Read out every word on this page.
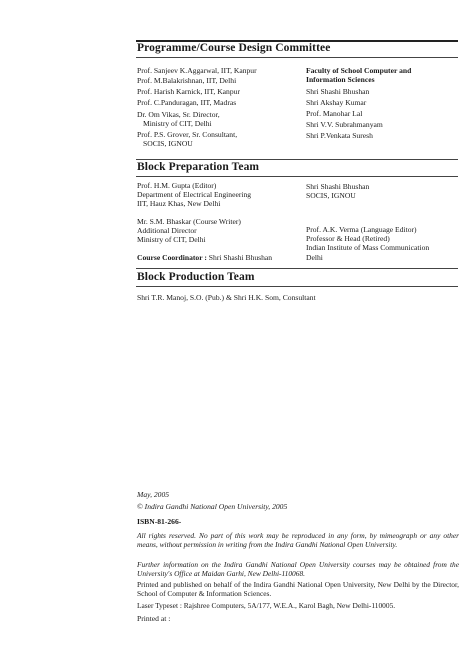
Programme/Course Design Committee
Prof. Sanjeev K.Aggarwal, IIT, Kanpur
Prof. M.Balakrishnan, IIT, Delhi
Prof. Harish Karnick, IIT, Kanpur
Prof. C.Panduragan, IIT, Madras
Dr. Om Vikas, Sr. Director,
Ministry of CIT, Delhi
Prof. P.S. Grover, Sr. Consultant,
SOCIS, IGNOU
Faculty of School Computer and
Information Sciences
Shri Shashi Bhushan
Shri Akshay Kumar
Prof. Manohar Lal
Shri V.V. Subrahmanyam
Shri P.Venkata Suresh
Block Preparation Team
Prof. H.M. Gupta (Editor)
Department of Electrical Engineering
IIT, Hauz Khas, New Delhi
Mr. S.M. Bhaskar (Course Writer)
Additional Director
Ministry of CIT, Delhi
Course Coordinator : Shri Shashi Bhushan
Shri Shashi Bhushan
SOCIS, IGNOU
Prof. A.K. Verma (Language Editor)
Professor & Head (Retired)
Indian Institute of Mass Communication
Delhi
Block Production Team
Shri T.R. Manoj, S.O. (Pub.) & Shri H.K. Som, Consultant
May, 2005
© Indira Gandhi National Open University, 2005
ISBN-81-266-
All rights reserved. No part of this work may be reproduced in any form, by mimeograph or any other means, without permission in writing from the Indira Gandhi National Open University.
Further information on the Indira Gandhi National Open University courses may be obtained from the University's Office at Maidan Garhi, New Delhi-110068.
Printed and published on behalf of the Indira Gandhi National Open University, New Delhi by the Director, School of Computer & Information Sciences.
Laser Typeset : Rajshree Computers, 5A/177, W.E.A., Karol Bagh, New Delhi-110005.
Printed at :
